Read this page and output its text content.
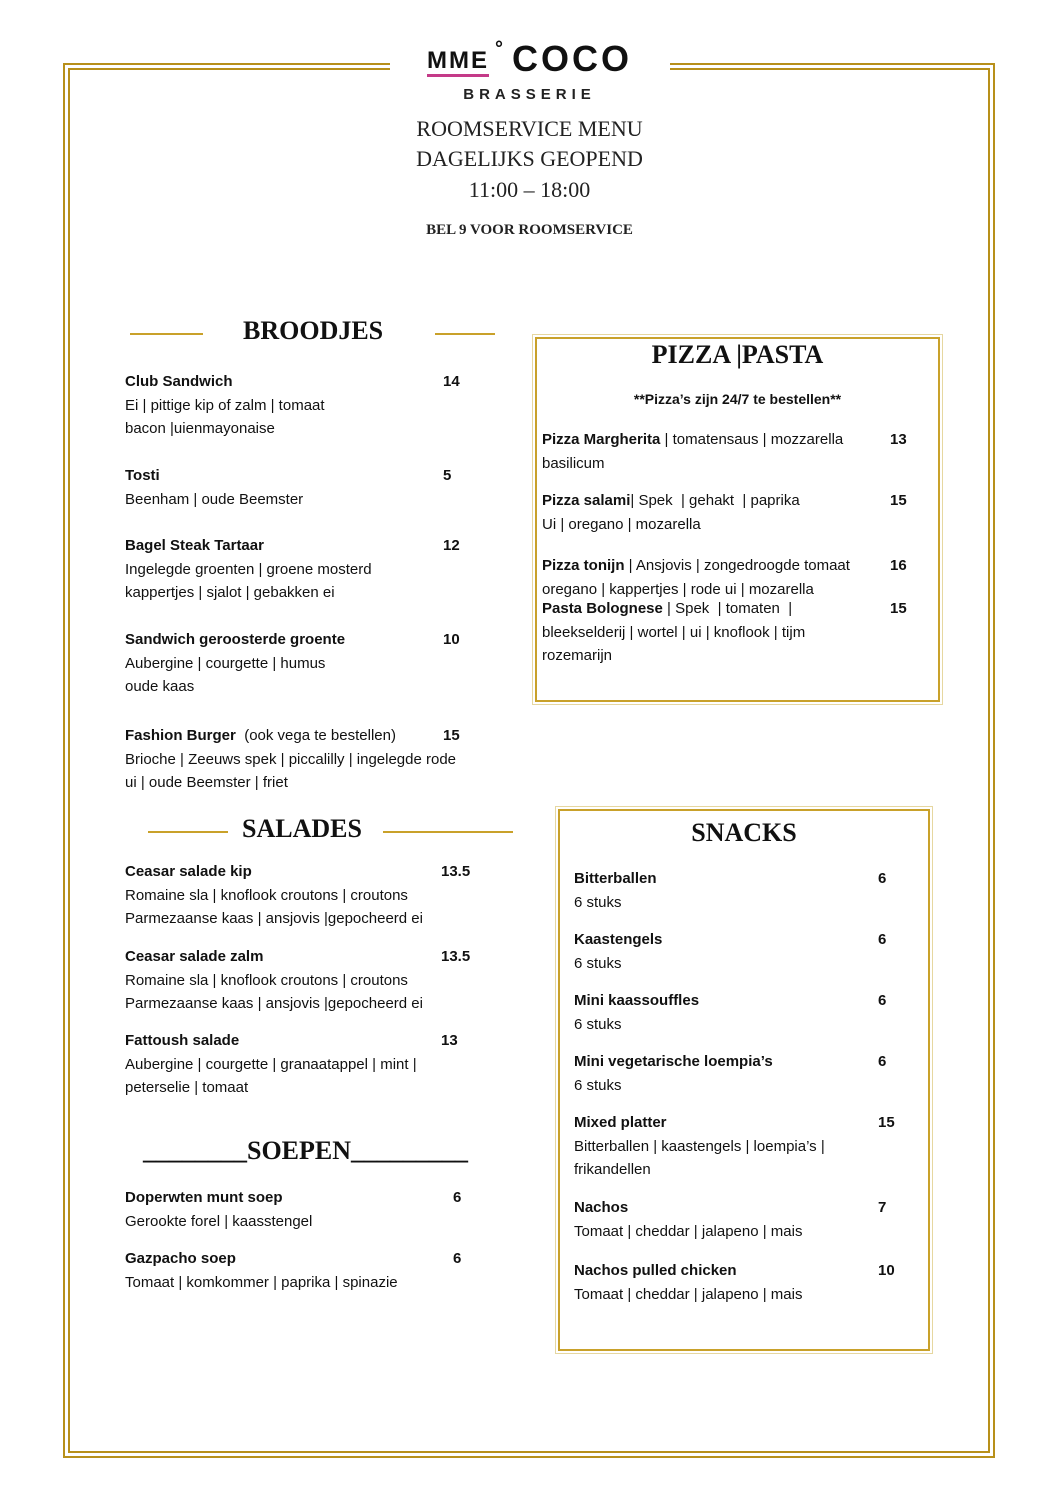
MME ° COCO
BRASSERIE
ROOMSERVICE MENU
DAGELIJKS GEOPEND
11:00 – 18:00
BEL 9 VOOR ROOMSERVICE
BROODJES
SALADES
________SOEPEN_________
PIZZA |PASTA
**Pizza’s zijn 24/7 te bestellen**
SNACKS
Club Sandwich	14
Ei | pittige kip of zalm | tomaat
bacon |uienmayonaise
Tosti	5
Beenham | oude Beemster
Bagel Steak Tartaar	12
Ingelegde groenten | groene mosterd
kappertjes | sjalot | gebakken ei
Sandwich geroosterde groente	10
Aubergine | courgette | humus
oude kaas
Fashion Burger  (ook vega te bestellen)	15
Brioche | Zeeuws spek | piccalilly | ingelegde rode
ui | oude Beemster | friet
Ceasar salade kip	13.5
Romaine sla | knoflook croutons | croutons
Parmezaanse kaas | ansjovis |gepocheerd ei
Ceasar salade zalm	13.5
Romaine sla | knoflook croutons | croutons
Parmezaanse kaas | ansjovis |gepocheerd ei
Fattoush salade	13
Aubergine | courgette | granaatappel | mint |
peterselie | tomaat
Doperwten munt soep	6
Gerookte forel | kaasstengel
Gazpacho soep	6
Tomaat | komkommer | paprika | spinazie
Pizza Margherita | tomatensaus | mozzarella	13
basilicum
Pizza salami| Spek  | gehakt  | paprika	15
Ui | oregano | mozarella
Pizza tonijn | Ansjovis | zongedroogde tomaat	16
oregano | kappertjes | rode ui | mozarella
Pasta Bolognese | Spek  | tomaten  |	15
bleekselderij | wortel | ui | knoflook | tijm
rozemarijn
Bitterballen	6
6 stuks
Kaastengels	6
6 stuks
Mini kaassouffles	6
6 stuks
Mini vegetarische loempia’s	6
6 stuks
Mixed platter	15
Bitterballen | kaastengels | loempia’s |
frikandellen
Nachos	7
Tomaat | cheddar | jalapeno | mais
Nachos pulled chicken	10
Tomaat | cheddar | jalapeno | mais
